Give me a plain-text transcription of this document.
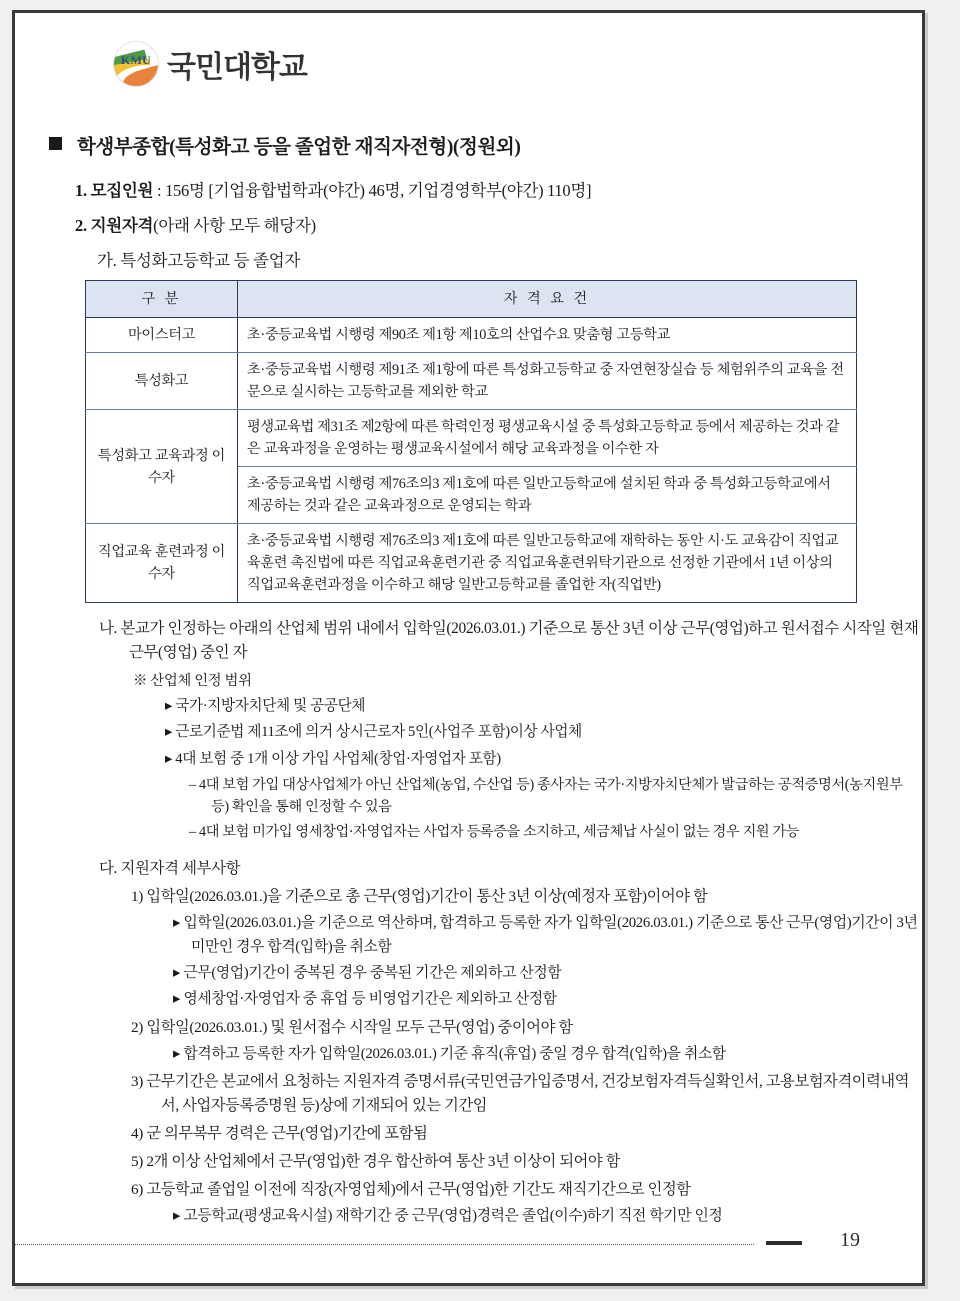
KMU 국민대학교
학생부종합(특성화고 등을 졸업한 재직자전형)(정원외)
1. 모집인원 : 156명 [기업융합법학과(야간) 46명, 기업경영학부(야간) 110명]
2. 지원자격(아래 사항 모두 해당자)
가. 특성화고등학교 등 졸업자
구 분	자 격 요 건
마이스터고	초·중등교육법 시행령 제90조 제1항 제10호의 산업수요 맞춤형 고등학교
특성화고	초·중등교육법 시행령 제91조 제1항에 따른 특성화고등학교 중 자연현장실습 등 체험위주의 교육을 전문으로 실시하는 고등학교를 제외한 학교
특성화고 교육과정 이수자	평생교육법 제31조 제2항에 따른 학력인정 평생교육시설 중 특성화고등학교 등에서 제공하는 것과 같은 교육과정을 운영하는 평생교육시설에서 해당 교육과정을 이수한 자
	초·중등교육법 시행령 제76조의3 제1호에 따른 일반고등학교에 설치된 학과 중 특성화고등학교에서 제공하는 것과 같은 교육과정으로 운영되는 학과
직업교육 훈련과정 이수자	초·중등교육법 시행령 제76조의3 제1호에 따른 일반고등학교에 재학하는 동안 시·도 교육감이 직업교육훈련 촉진법에 따른 직업교육훈련기관 중 직업교육훈련위탁기관으로 선정한 기관에서 1년 이상의 직업교육훈련과정을 이수하고 해당 일반고등학교를 졸업한 자(직업반)
나. 본교가 인정하는 아래의 산업체 범위 내에서 입학일(2026.03.01.) 기준으로 통산 3년 이상 근무(영업)하고 원서접수 시작일 현재 근무(영업) 중인 자
※ 산업체 인정 범위
▸ 국가·지방자치단체 및 공공단체
▸ 근로기준법 제11조에 의거 상시근로자 5인(사업주 포함)이상 사업체
▸ 4대 보험 중 1개 이상 가입 사업체(창업·자영업자 포함)
– 4대 보험 가입 대상사업체가 아닌 산업체(농업, 수산업 등) 종사자는 국가·지방자치단체가 발급하는 공적증명서(농지원부 등) 확인을 통해 인정할 수 있음
– 4대 보험 미가입 영세창업·자영업자는 사업자 등록증을 소지하고, 세금체납 사실이 없는 경우 지원 가능
다. 지원자격 세부사항
1) 입학일(2026.03.01.)을 기준으로 총 근무(영업)기간이 통산 3년 이상(예정자 포함)이어야 함
▸ 입학일(2026.03.01.)을 기준으로 역산하며, 합격하고 등록한 자가 입학일(2026.03.01.) 기준으로 통산 근무(영업)기간이 3년 미만인 경우 합격(입학)을 취소함
▸ 근무(영업)기간이 중복된 경우 중복된 기간은 제외하고 산정함
▸ 영세창업·자영업자 중 휴업 등 비영업기간은 제외하고 산정함
2) 입학일(2026.03.01.) 및 원서접수 시작일 모두 근무(영업) 중이어야 함
▸ 합격하고 등록한 자가 입학일(2026.03.01.) 기준 휴직(휴업) 중일 경우 합격(입학)을 취소함
3) 근무기간은 본교에서 요청하는 지원자격 증명서류(국민연금가입증명서, 건강보험자격득실확인서, 고용보험자격이력내역서, 사업자등록증명원 등)상에 기재되어 있는 기간임
4) 군 의무복무 경력은 근무(영업)기간에 포함됨
5) 2개 이상 산업체에서 근무(영업)한 경우 합산하여 통산 3년 이상이 되어야 함
6) 고등학교 졸업일 이전에 직장(자영업체)에서 근무(영업)한 기간도 재직기간으로 인정함
▸ 고등학교(평생교육시설) 재학기간 중 근무(영업)경력은 졸업(이수)하기 직전 학기만 인정
19
